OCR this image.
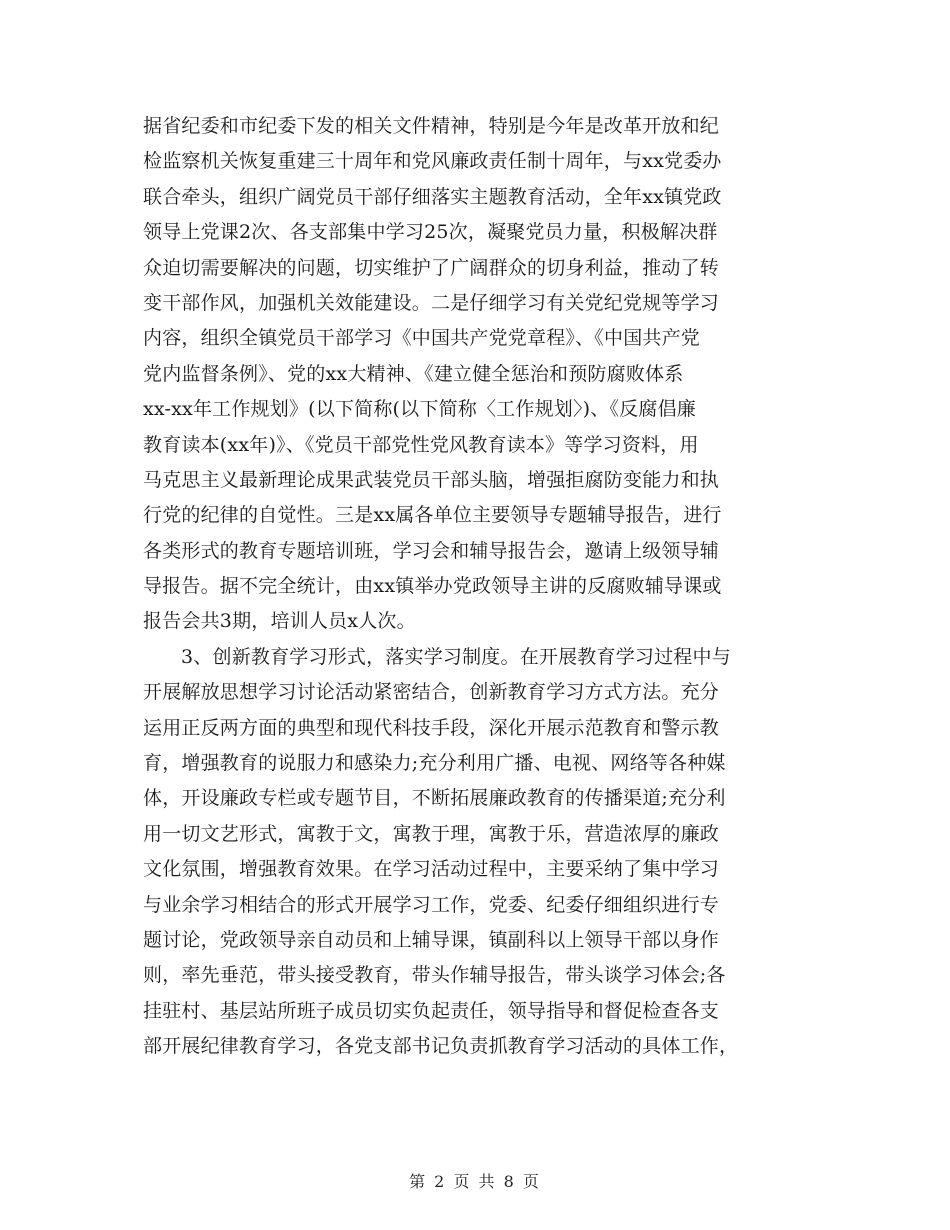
据省纪委和市纪委下发的相关文件精神，特别是今年是改革开放和纪
检监察机关恢复重建三十周年和党风廉政责任制十周年，与xx党委办
联合牵头，组织广阔党员干部仔细落实主题教育活动，全年xx镇党政
领导上党课2次、各支部集中学习25次，凝聚党员力量，积极解决群
众迫切需要解决的问题，切实维护了广阔群众的切身利益，推动了转
变干部作风，加强机关效能建设。二是仔细学习有关党纪党规等学习
内容，组织全镇党员干部学习《中国共产党党章程》、《中国共产党
党内监督条例》、党的xx大精神、《建立健全惩治和预防腐败体系
xx-xx年工作规划》(以下简称(以下简称〈工作规划〉)、《反腐倡廉
教育读本(xx年)》、《党员干部党性党风教育读本》等学习资料，用
马克思主义最新理论成果武装党员干部头脑，增强拒腐防变能力和执
行党的纪律的自觉性。三是xx属各单位主要领导专题辅导报告，进行
各类形式的教育专题培训班，学习会和辅导报告会，邀请上级领导辅
导报告。据不完全统计，由xx镇举办党政领导主讲的反腐败辅导课或
报告会共3期，培训人员x人次。
3、创新教育学习形式，落实学习制度。在开展教育学习过程中与
开展解放思想学习讨论活动紧密结合，创新教育学习方式方法。充分
运用正反两方面的典型和现代科技手段，深化开展示范教育和警示教
育，增强教育的说服力和感染力;充分利用广播、电视、网络等各种媒
体，开设廉政专栏或专题节目，不断拓展廉政教育的传播渠道;充分利
用一切文艺形式，寓教于文，寓教于理，寓教于乐，营造浓厚的廉政
文化氛围，增强教育效果。在学习活动过程中，主要采纳了集中学习
与业余学习相结合的形式开展学习工作，党委、纪委仔细组织进行专
题讨论，党政领导亲自动员和上辅导课，镇副科以上领导干部以身作
则，率先垂范，带头接受教育，带头作辅导报告，带头谈学习体会;各
挂驻村、基层站所班子成员切实负起责任，领导指导和督促检查各支
部开展纪律教育学习，各党支部书记负责抓教育学习活动的具体工作，
第 2 页 共 8 页
